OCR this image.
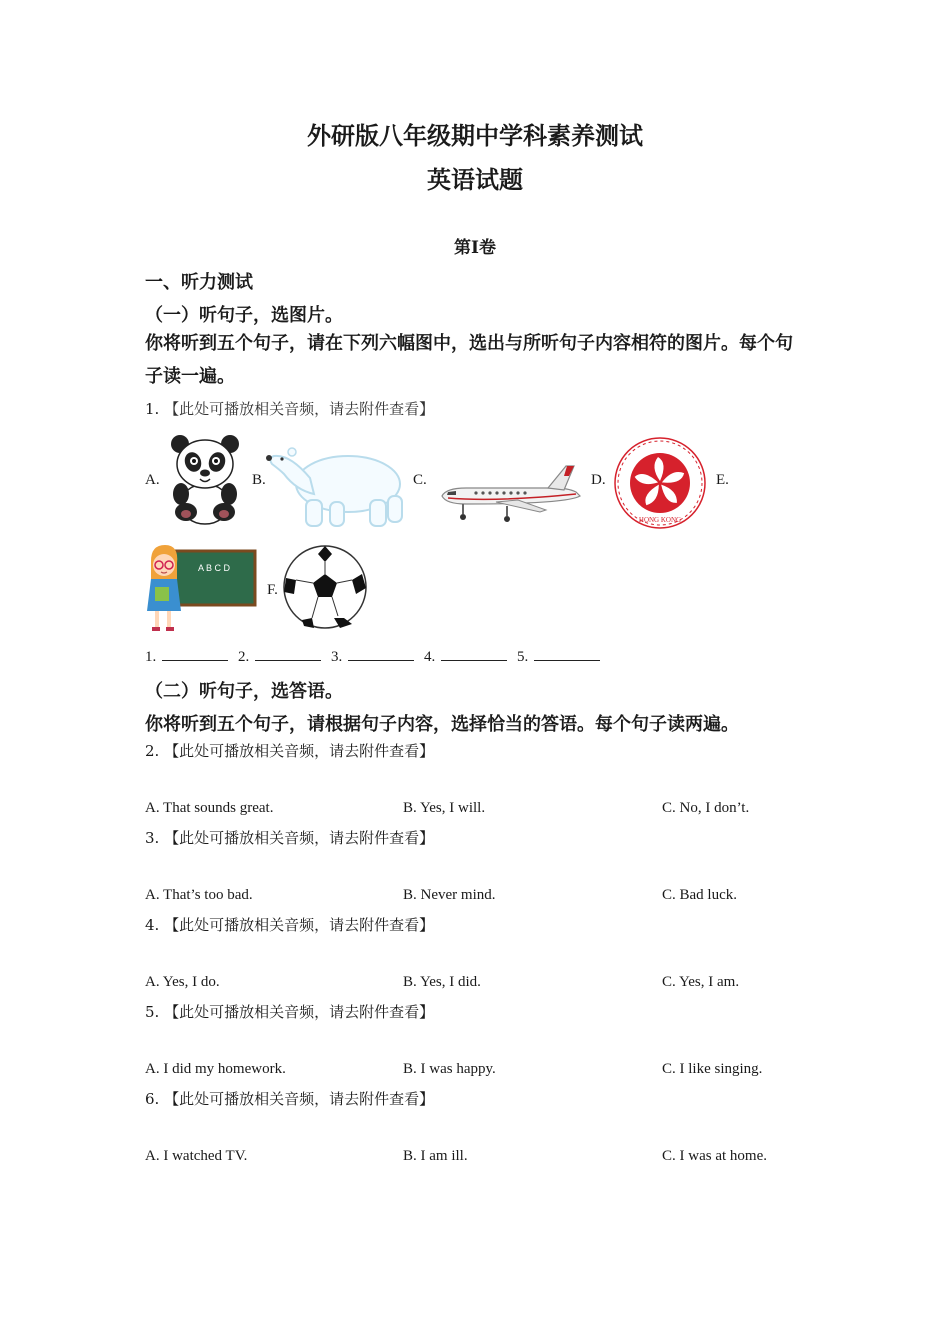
外研版八年级期中学科素养测试
英语试题
第I卷
一、听力测试
（一）听句子，选图片。
你将听到五个句子，请在下列六幅图中，选出与所听句子内容相符的图片。每个句子读一遍。
1. 【此处可播放相关音频，请去附件查看】
A.	B.	C.	D.	E.
F.
HONG KONG
A B C D
1.	2.	3.	4.	5.
（二）听句子，选答语。
你将听到五个句子，请根据句子内容，选择恰当的答语。每个句子读两遍。
2. 【此处可播放相关音频，请去附件查看】
A. That sounds great.	B. Yes, I will.	C. No, I don’t.
3. 【此处可播放相关音频，请去附件查看】
A. That’s too bad.	B. Never mind.	C. Bad luck.
4. 【此处可播放相关音频，请去附件查看】
A. Yes, I do.	B. Yes, I did.	C. Yes, I am.
5. 【此处可播放相关音频，请去附件查看】
A. I did my homework.	B. I was happy.	C. I like singing.
6. 【此处可播放相关音频，请去附件查看】
A. I watched TV.	B. I am ill.	C. I was at home.
